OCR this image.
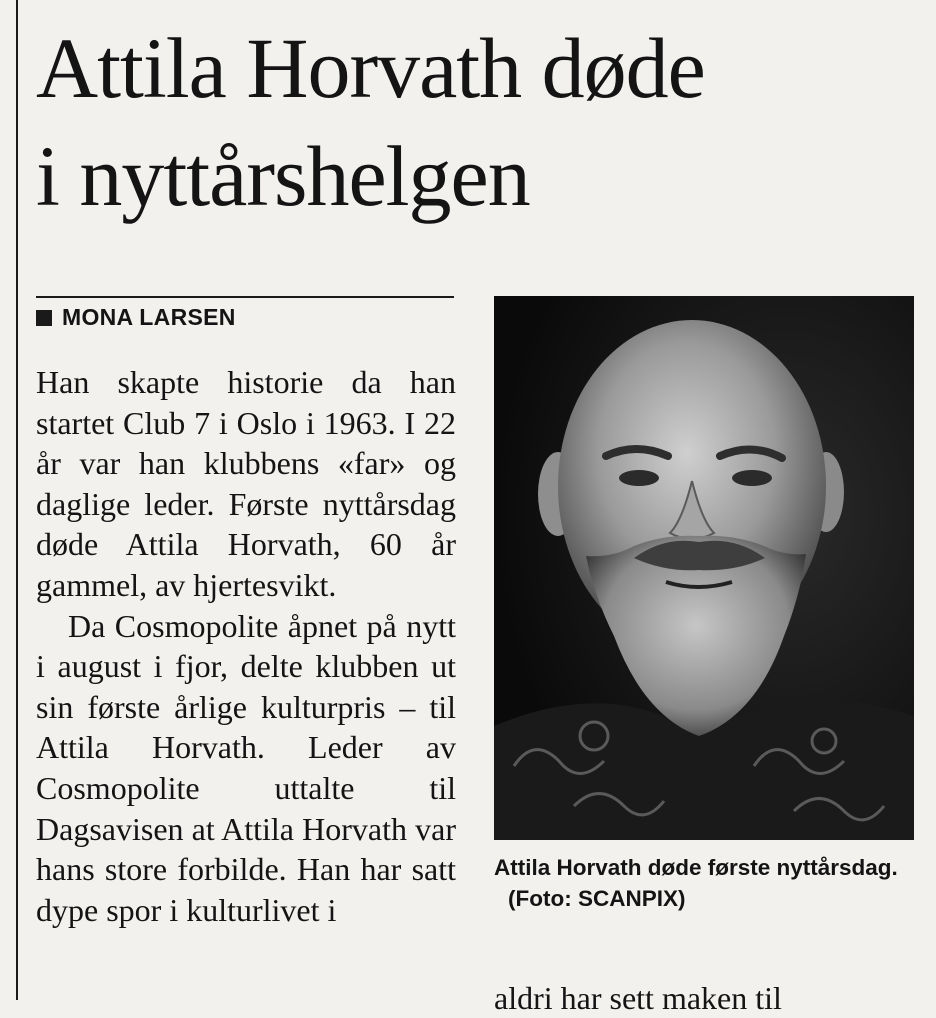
Attila Horvath døde
i nyttårshelgen
MONA LARSEN

Han skapte historie da han startet Club 7 i Oslo i 1963. I 22 år var han klubbens «far» og daglige leder. Første nyttårsdag døde Attila Horvath, 60 år gammel, av hjertesvikt.

Da Cosmopolite åpnet på nytt i august i fjor, delte klubben ut sin første årlige kulturpris – til Attila Horvath. Leder av Cosmopolite uttalte til Dagsavisen at Attila Horvath var hans store forbilde. Han har satt dype spor i kulturlivet i

Attila Horvath døde første nyttårsdag.(Foto: SCANPIX)
aldri har sett maken til
